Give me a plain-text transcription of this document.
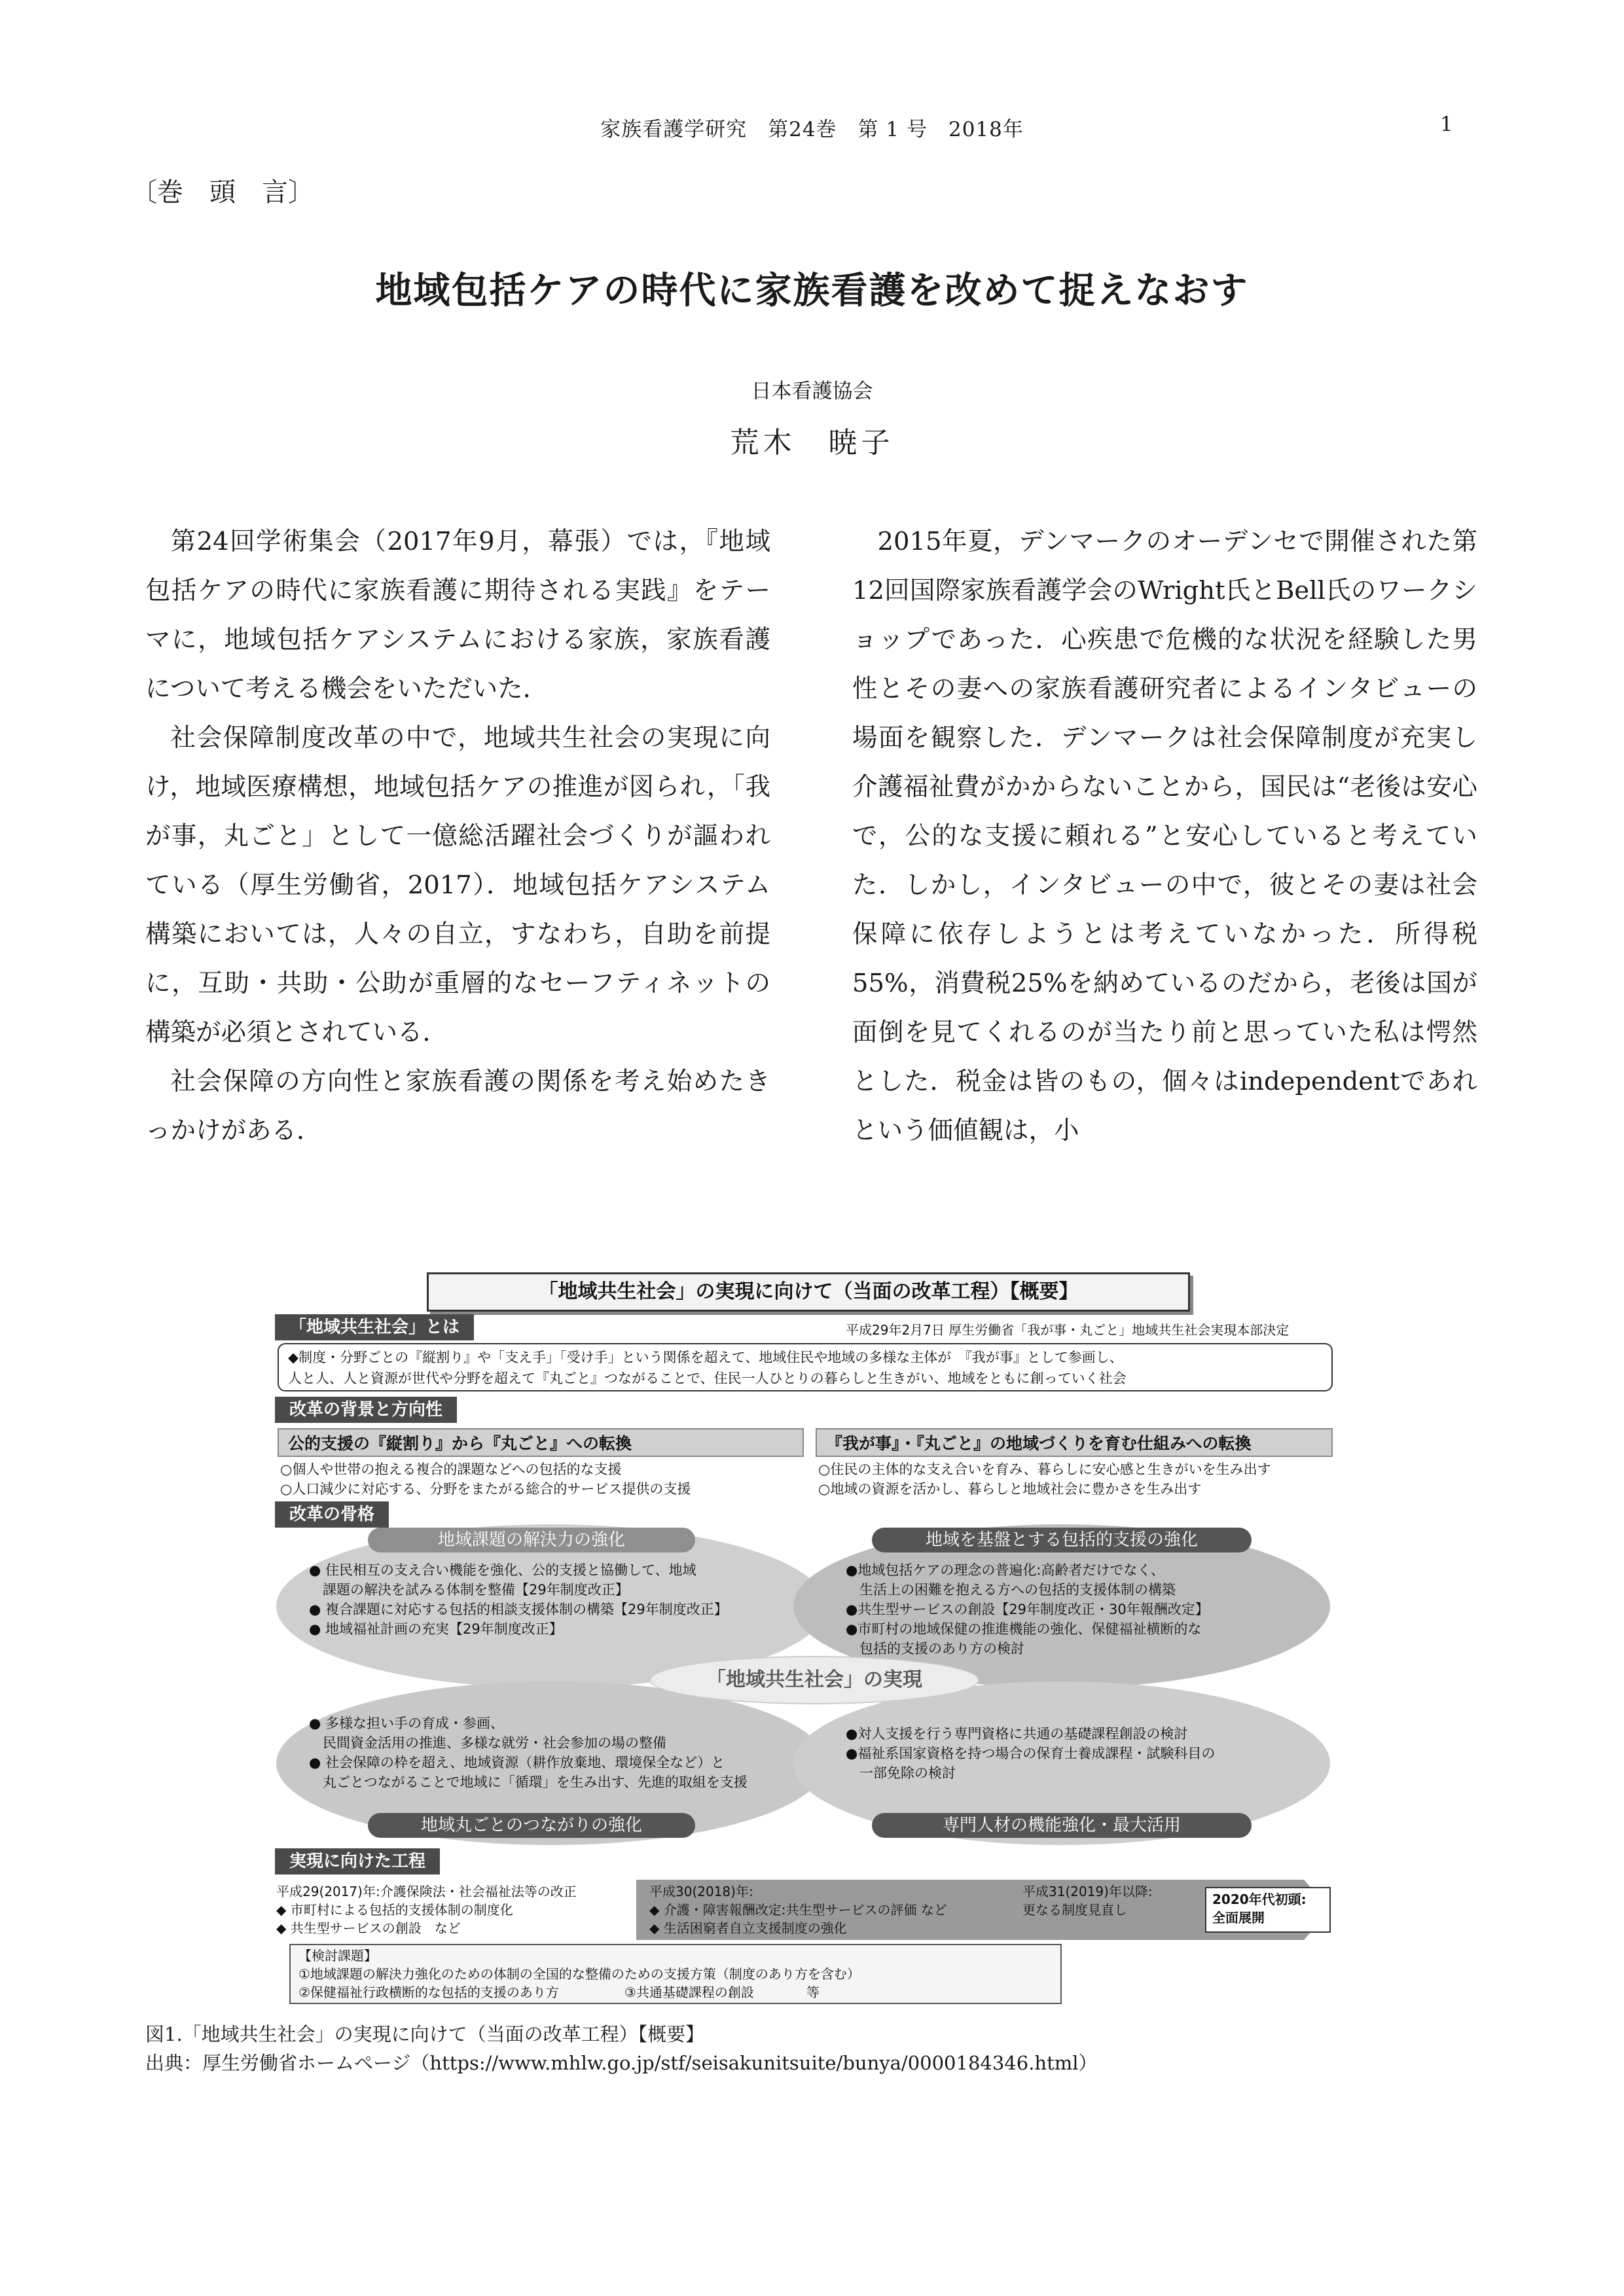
家族看護学研究　第24巻　第 1 号　2018年	1
〔巻　頭　言〕
地域包括ケアの時代に家族看護を改めて捉えなおす
日本看護協会
荒木　暁子

第24回学術集会（2017年9月，幕張）では，『地域包括ケアの時代に家族看護に期待される実践』をテーマに，地域包括ケアシステムにおける家族，家族看護について考える機会をいただいた．

社会保障制度改革の中で，地域共生社会の実現に向け，地域医療構想，地域包括ケアの推進が図られ，「我が事，丸ごと」として一億総活躍社会づくりが謳われている（厚生労働省，2017）．地域包括ケアシステム構築においては，人々の自立，すなわち，自助を前提に，互助・共助・公助が重層的なセーフティネットの構築が必須とされている．

社会保障の方向性と家族看護の関係を考え始めたきっかけがある．

2015年夏，デンマークのオーデンセで開催された第12回国際家族看護学会のWright氏とBell氏のワークショップであった．心疾患で危機的な状況を経験した男性とその妻への家族看護研究者によるインタビューの場面を観察した．デンマークは社会保障制度が充実し介護福祉費がかからないことから，国民は“老後は安心で，公的な支援に頼れる”と安心していると考えていた．しかし，インタビューの中で，彼とその妻は社会保障に依存しようとは考えていなかった．所得税55%，消費税25%を納めているのだから，老後は国が面倒を見てくれるのが当たり前と思っていた私は愕然とした．税金は皆のもの，個々はindependentであれという価値観は，小

「地域共生社会」の実現に向けて（当面の改革工程）【概要】
「地域共生社会」とは	平成29年2月7日 厚生労働省「我が事・丸ごと」地域共生社会実現本部決定
◆制度・分野ごとの『縦割り』や「支え手」「受け手」という関係を超えて、地域住民や地域の多様な主体が　『我が事』として参画し、
人と人、人と資源が世代や分野を超えて『丸ごと』つながることで、住民一人ひとりの暮らしと生きがい、地域をともに創っていく社会
改革の背景と方向性
公的支援の『縦割り』から『丸ごと』への転換	『我が事』・『丸ごと』の地域づくりを育む仕組みへの転換
○個人や世帯の抱える複合的課題などへの包括的な支援
○人口減少に対応する、分野をまたがる総合的サービス提供の支援
○住民の主体的な支え合いを育み、暮らしに安心感と生きがいを生み出す
○地域の資源を活かし、暮らしと地域社会に豊かさを生み出す
改革の骨格
地域課題の解決力の強化	地域を基盤とする包括的支援の強化
● 住民相互の支え合い機能を強化、公的支援と協働して、地域
　課題の解決を試みる体制を整備【29年制度改正】
● 複合課題に対応する包括的相談支援体制の構築【29年制度改正】
● 地域福祉計画の充実【29年制度改正】
●地域包括ケアの理念の普遍化:高齢者だけでなく、
　生活上の困難を抱える方への包括的支援体制の構築
●共生型サービスの創設【29年制度改正・30年報酬改定】
●市町村の地域保健の推進機能の強化、保健福祉横断的な
　包括的支援のあり方の検討
「地域共生社会」の実現
● 多様な担い手の育成・参画、
　民間資金活用の推進、多様な就労・社会参加の場の整備
● 社会保障の枠を超え、地域資源（耕作放棄地、環境保全など）と
　丸ごとつながることで地域に「循環」を生み出す、先進的取組を支援
●対人支援を行う専門資格に共通の基礎課程創設の検討
●福祉系国家資格を持つ場合の保育士養成課程・試験科目の
　一部免除の検討
地域丸ごとのつながりの強化	専門人材の機能強化・最大活用
実現に向けた工程
平成29(2017)年:介護保険法・社会福祉法等の改正
◆ 市町村による包括的支援体制の制度化
◆ 共生型サービスの創設　など
平成30(2018)年:
◆ 介護・障害報酬改定:共生型サービスの評価 など
◆ 生活困窮者自立支援制度の強化
平成31(2019)年以降:
更なる制度見直し
2020年代初頭:
全面展開
【検討課題】
①地域課題の解決力強化のための体制の全国的な整備のための支援方策（制度のあり方を含む）
②保健福祉行政横断的な包括的支援のあり方　　　　　③共通基礎課程の創設　　　　等
図1.「地域共生社会」の実現に向けて（当面の改革工程）【概要】
出典：厚生労働省ホームページ（https://www.mhlw.go.jp/stf/seisakunitsuite/bunya/0000184346.html）
